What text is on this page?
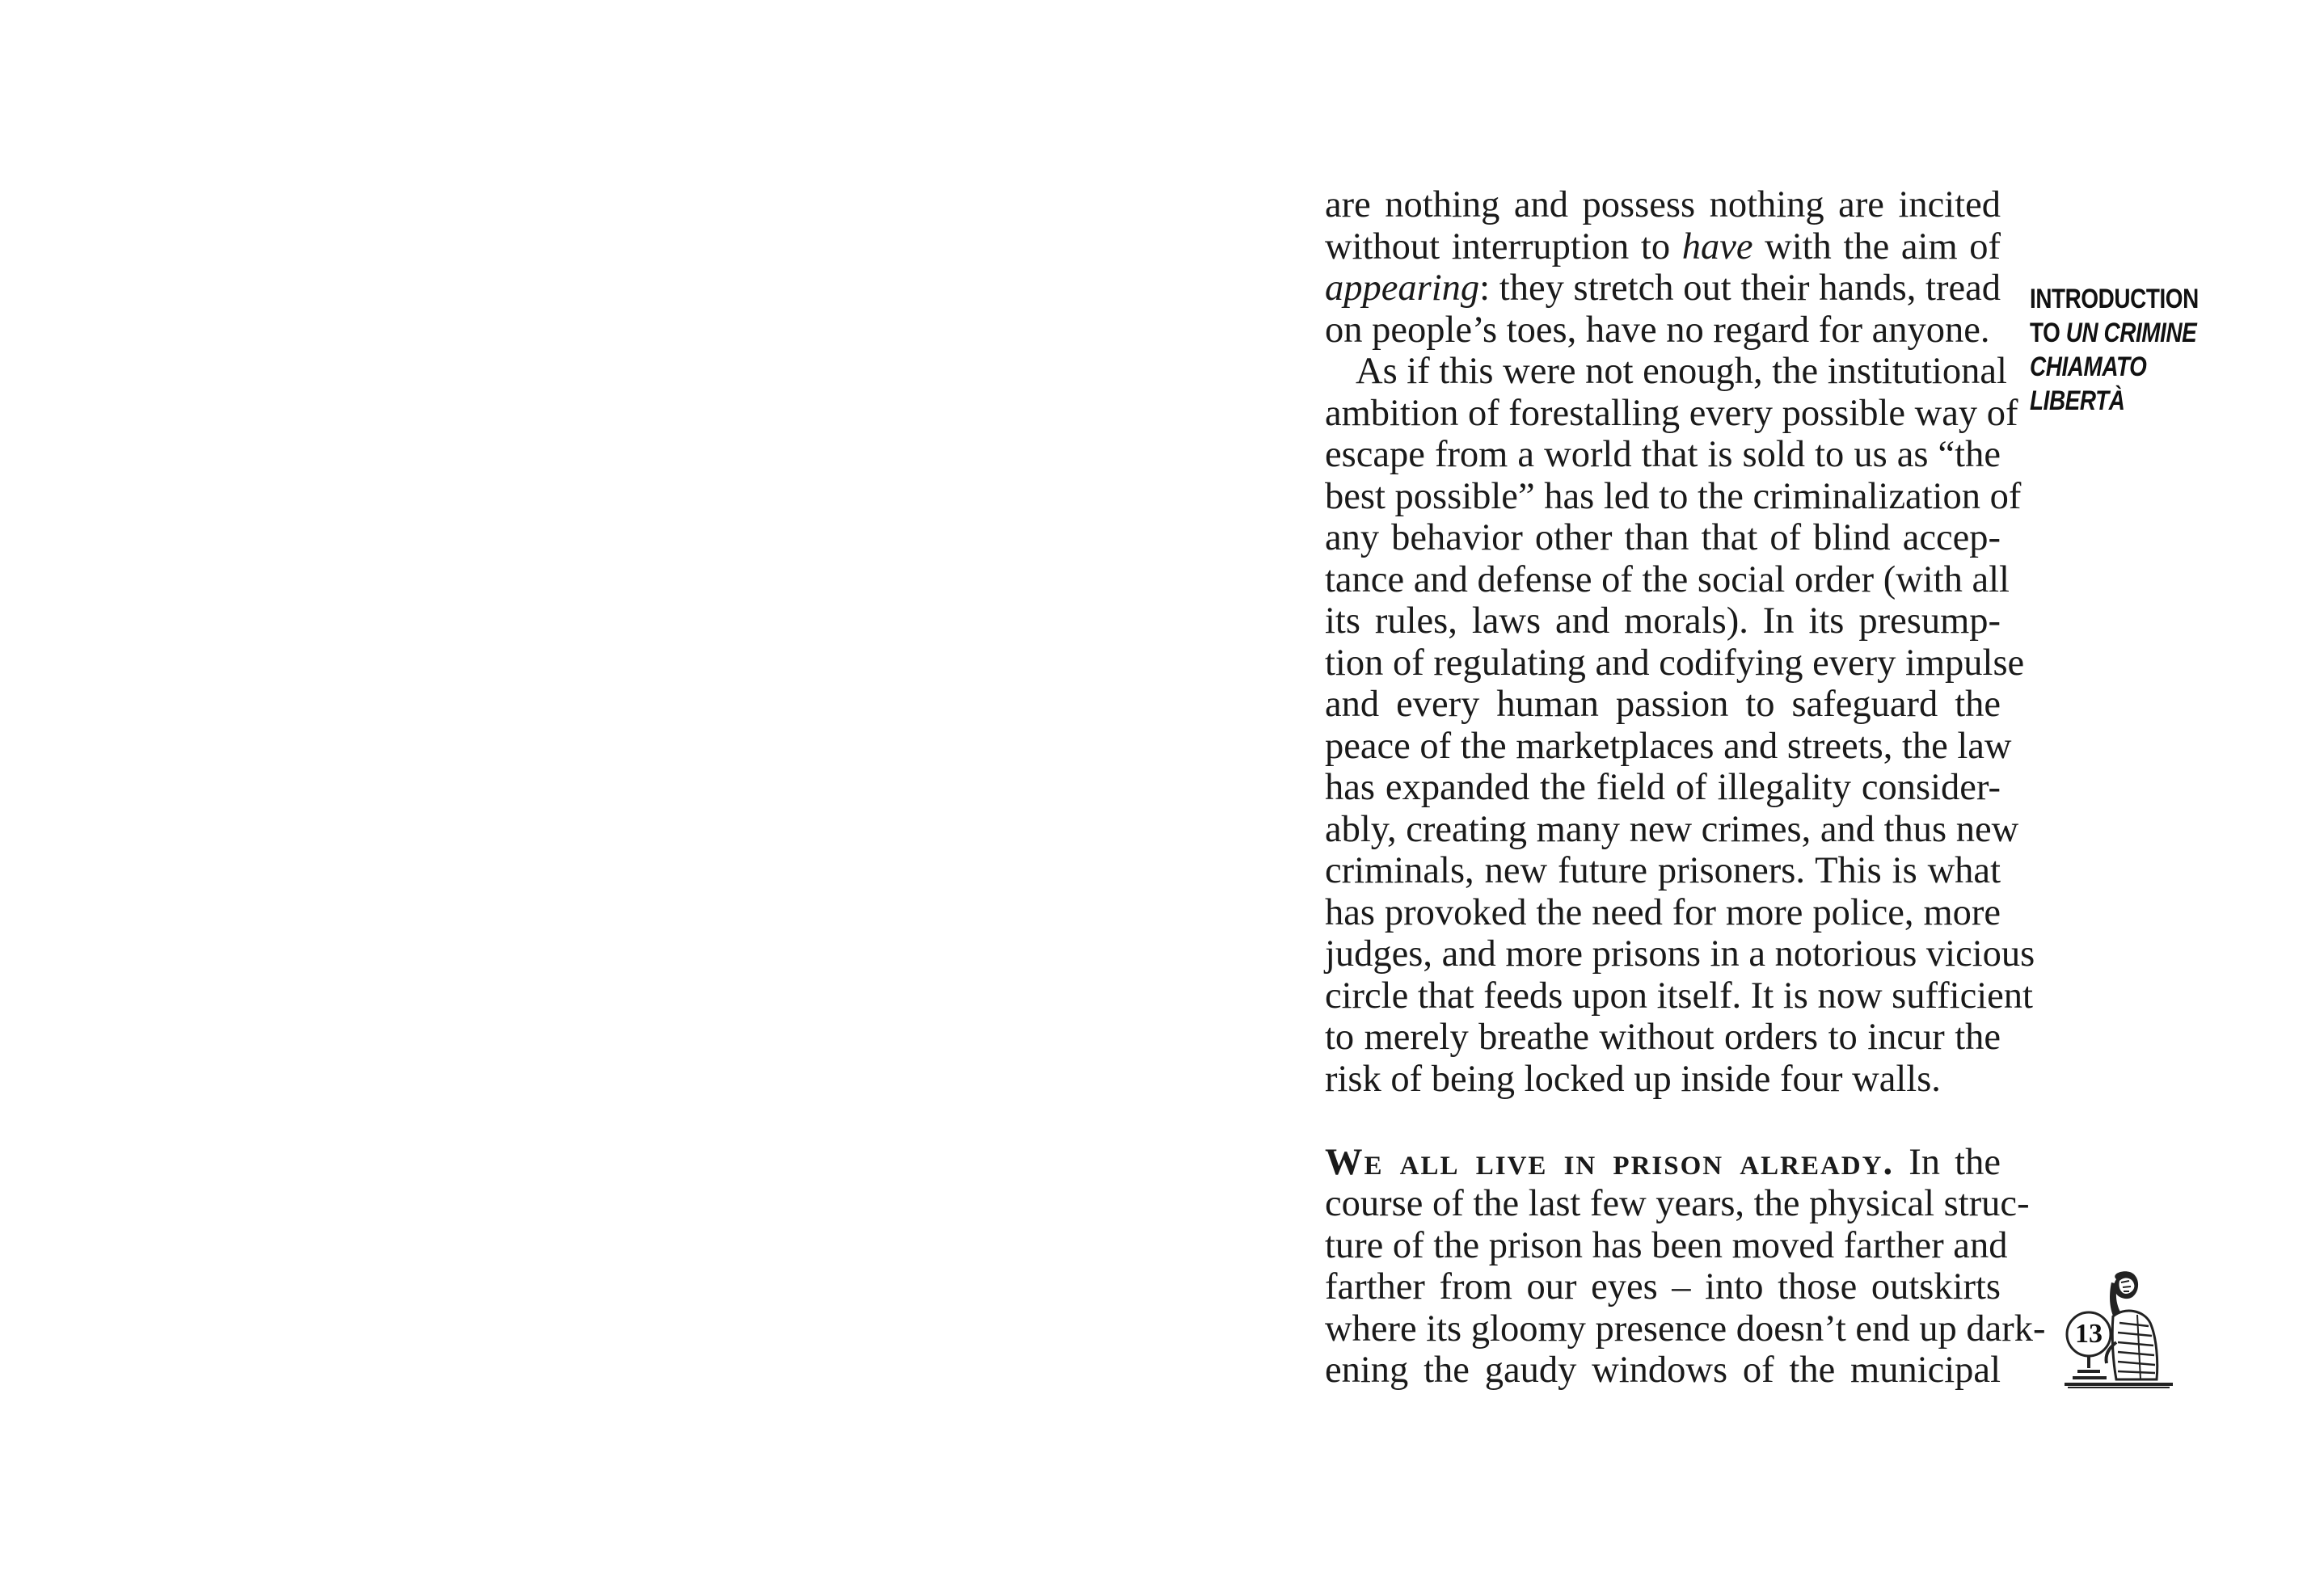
are nothing and possess nothing are incited
without interruption to have with the aim of
appearing: they stretch out their hands, tread
on people’s toes, have no regard for anyone.
As if this were not enough, the institutional
ambition of forestalling every possible way of
escape from a world that is sold to us as “the
best possible” has led to the criminalization of
any behavior other than that of blind accep-
tance and defense of the social order (with all
its rules, laws and morals). In its presump-
tion of regulating and codifying every impulse
and every human passion to safeguard the
peace of the marketplaces and streets, the law
has expanded the field of illegality consider-
ably, creating many new crimes, and thus new
criminals, new future prisoners. This is what
has provoked the need for more police, more
judges, and more prisons in a notorious vicious
circle that feeds upon itself. It is now sufficient
to merely breathe without orders to incur the
risk of being locked up inside four walls.
We all live in prison already. In the
course of the last few years, the physical struc-
ture of the prison has been moved farther and
farther from our eyes – into those outskirts
where its gloomy presence doesn’t end up dark-
ening the gaudy windows of the municipal
INTRODUCTION
TO UN CRIMINE
CHIAMATO
LIBERTÀ
13
